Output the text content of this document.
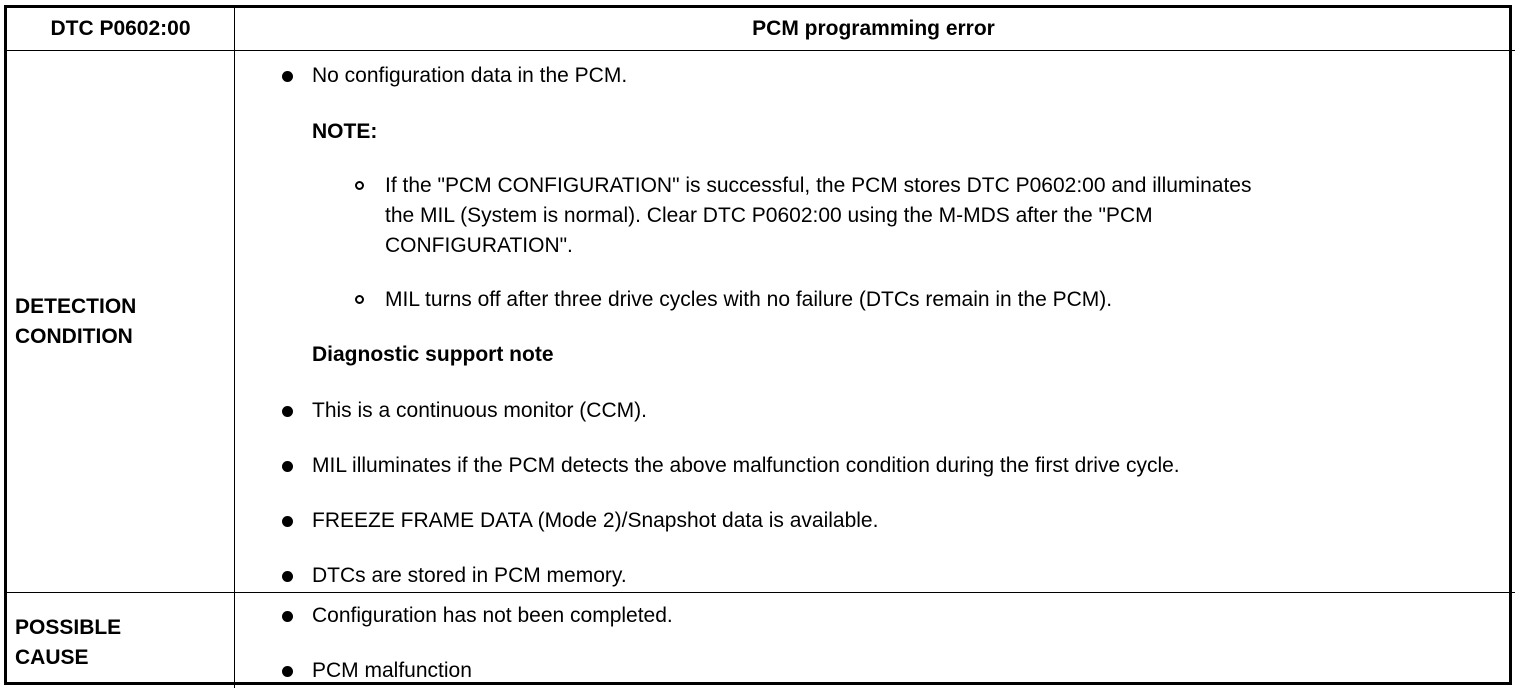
DTC P0602:00	PCM programming error
DETECTION
CONDITION
No configuration data in the PCM.
NOTE:
If the "PCM CONFIGURATION" is successful, the PCM stores DTC P0602:00 and illuminates
the MIL (System is normal). Clear DTC P0602:00 using the M-MDS after the "PCM
CONFIGURATION".
MIL turns off after three drive cycles with no failure (DTCs remain in the PCM).
Diagnostic support note
This is a continuous monitor (CCM).
MIL illuminates if the PCM detects the above malfunction condition during the first drive cycle.
FREEZE FRAME DATA (Mode 2)/Snapshot data is available.
DTCs are stored in PCM memory.
POSSIBLE
CAUSE
Configuration has not been completed.
PCM malfunction
